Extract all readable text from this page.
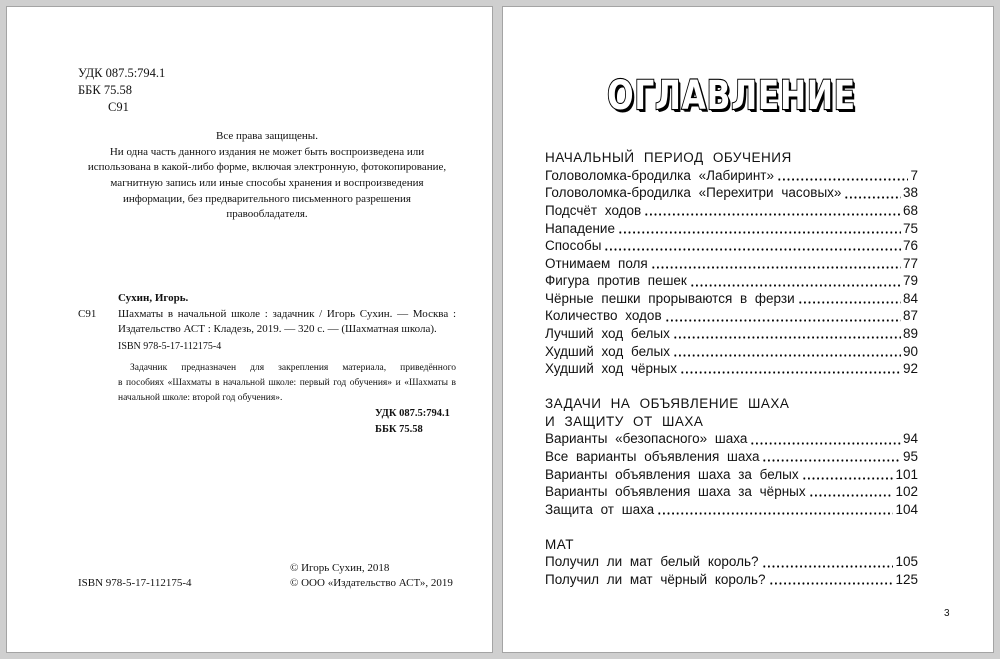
УДК 087.5:794.1
ББК 75.58
С91
Все права защищены.
Ни одна часть данного издания не может быть воспроизведена или
использована в какой-либо форме, включая электронную, фотокопирование,
магнитную запись или иные способы хранения и воспроизведения
информации, без предварительного письменного разрешения
правообладателя.
Сухин, Игорь.
С91 Шахматы в начальной школе : задачник / Игорь Сухин. — Москва :
Издательство АСТ : Кладезь, 2019. — 320 с. — (Шахматная школа).
ISBN 978-5-17-112175-4
Задачник предназначен для закрепления материала, приведённого
в пособиях «Шахматы в начальной школе: первый год обучения» и «Шахматы в
начальной школе: второй год обучения».
УДК 087.5:794.1
ББК 75.58
© Игорь Сухин, 2018
ISBN 978-5-17-112175-4	© ООО «Издательство АСТ», 2019
ОГЛАВЛЕНИЕ
НАЧАЛЬНЫЙ ПЕРИОД ОБУЧЕНИЯ
Головоломка-бродилка «Лабиринт»	7
Головоломка-бродилка «Перехитри часовых»	38
Подсчёт ходов	68
Нападение	75
Способы	76
Отнимаем поля	77
Фигура против пешек	79
Чёрные пешки прорываются в ферзи	84
Количество ходов	87
Лучший ход белых	89
Худший ход белых	90
Худший ход чёрных	92
ЗАДАЧИ НА ОБЪЯВЛЕНИЕ ШАХА
И ЗАЩИТУ ОТ ШАХА
Варианты «безопасного» шаха	94
Все варианты объявления шаха	95
Варианты объявления шаха за белых	101
Варианты объявления шаха за чёрных	102
Защита от шаха	104
МАТ
Получил ли мат белый король?	105
Получил ли мат чёрный король?	125
3
